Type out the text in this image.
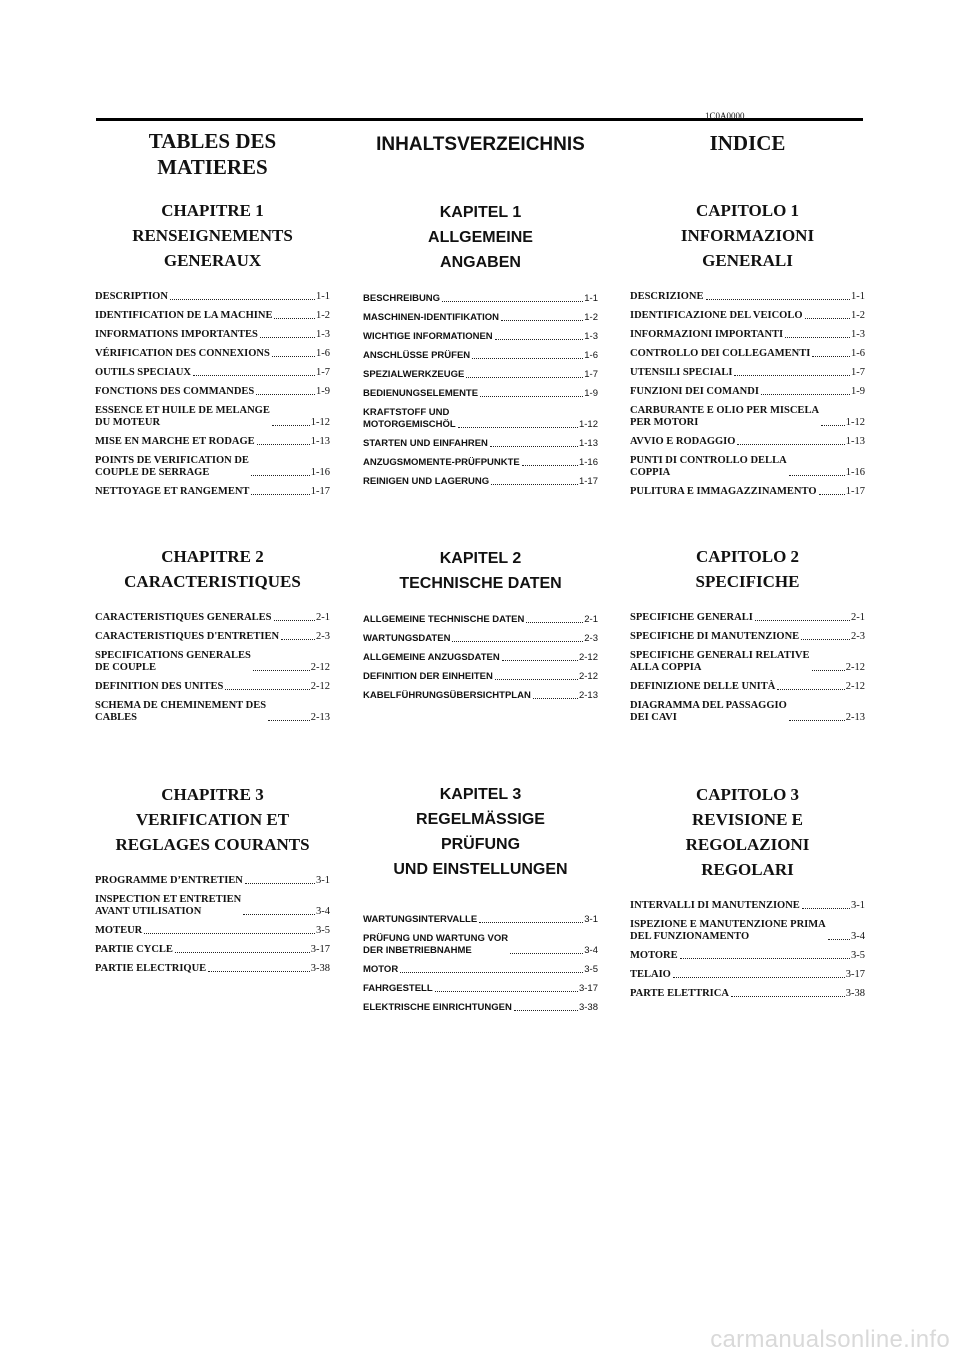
1C0A0000
TABLES DES
MATIERES
CHAPITRE 1
RENSEIGNEMENTS
GENERAUX
DESCRIPTION	1-1
IDENTIFICATION DE LA MACHINE	1-2
INFORMATIONS IMPORTANTES	1-3
VÉRIFICATION DES CONNEXIONS	1-6
OUTILS SPECIAUX	1-7
FONCTIONS DES COMMANDES	1-9
ESSENCE ET HUILE DE MELANGE
DU MOTEUR	1-12
MISE EN MARCHE ET RODAGE	1-13
POINTS DE VERIFICATION DE
COUPLE DE SERRAGE	1-16
NETTOYAGE ET RANGEMENT	1-17
CHAPITRE 2
CARACTERISTIQUES
CARACTERISTIQUES GENERALES	2-1
CARACTERISTIQUES D'ENTRETIEN	2-3
SPECIFICATIONS GENERALES
DE COUPLE	2-12
DEFINITION DES UNITES	2-12
SCHEMA DE CHEMINEMENT DES
CABLES	2-13
CHAPITRE 3
VERIFICATION ET
REGLAGES COURANTS
PROGRAMME D’ENTRETIEN	3-1
INSPECTION ET ENTRETIEN
AVANT UTILISATION	3-4
MOTEUR	3-5
PARTIE CYCLE	3-17
PARTIE ELECTRIQUE	3-38
INHALTSVERZEICHNIS
KAPITEL 1
ALLGEMEINE
ANGABEN
BESCHREIBUNG	1-1
MASCHINEN-IDENTIFIKATION	1-2
WICHTIGE INFORMATIONEN	1-3
ANSCHLÜSSE PRÜFEN	1-6
SPEZIALWERKZEUGE	1-7
BEDIENUNGSELEMENTE	1-9
KRAFTSTOFF UND
MOTORGEMISCHÖL	1-12
STARTEN UND EINFAHREN	1-13
ANZUGSMOMENTE-PRÜFPUNKTE	1-16
REINIGEN UND LAGERUNG	1-17
KAPITEL 2
TECHNISCHE DATEN
ALLGEMEINE TECHNISCHE DATEN	2-1
WARTUNGSDATEN	2-3
ALLGEMEINE ANZUGSDATEN	2-12
DEFINITION DER EINHEITEN	2-12
KABELFÜHRUNGSÜBERSICHTPLAN	2-13
KAPITEL 3
REGELMÄSSIGE
PRÜFUNG
UND EINSTELLUNGEN
WARTUNGSINTERVALLE	3-1
PRÜFUNG UND WARTUNG VOR
DER INBETRIEBNAHME	3-4
MOTOR	3-5
FAHRGESTELL	3-17
ELEKTRISCHE EINRICHTUNGEN	3-38
INDICE
CAPITOLO 1
INFORMAZIONI
GENERALI
DESCRIZIONE	1-1
IDENTIFICAZIONE DEL VEICOLO	1-2
INFORMAZIONI IMPORTANTI	1-3
CONTROLLO DEI COLLEGAMENTI	1-6
UTENSILI SPECIALI	1-7
FUNZIONI DEI COMANDI	1-9
CARBURANTE E OLIO PER MISCELA
PER MOTORI	1-12
AVVIO E RODAGGIO	1-13
PUNTI DI CONTROLLO DELLA
COPPIA	1-16
PULITURA E IMMAGAZZINAMENTO	1-17
CAPITOLO 2
SPECIFICHE
SPECIFICHE GENERALI	2-1
SPECIFICHE DI MANUTENZIONE	2-3
SPECIFICHE GENERALI RELATIVE
ALLA COPPIA	2-12
DEFINIZIONE DELLE UNITÀ	2-12
DIAGRAMMA DEL PASSAGGIO
DEI CAVI	2-13
CAPITOLO 3
REVISIONE E
REGOLAZIONI
REGOLARI
INTERVALLI DI MANUTENZIONE	3-1
ISPEZIONE E MANUTENZIONE PRIMA
DEL FUNZIONAMENTO	3-4
MOTORE	3-5
TELAIO	3-17
PARTE ELETTRICA	3-38
carmanualsonline.info
